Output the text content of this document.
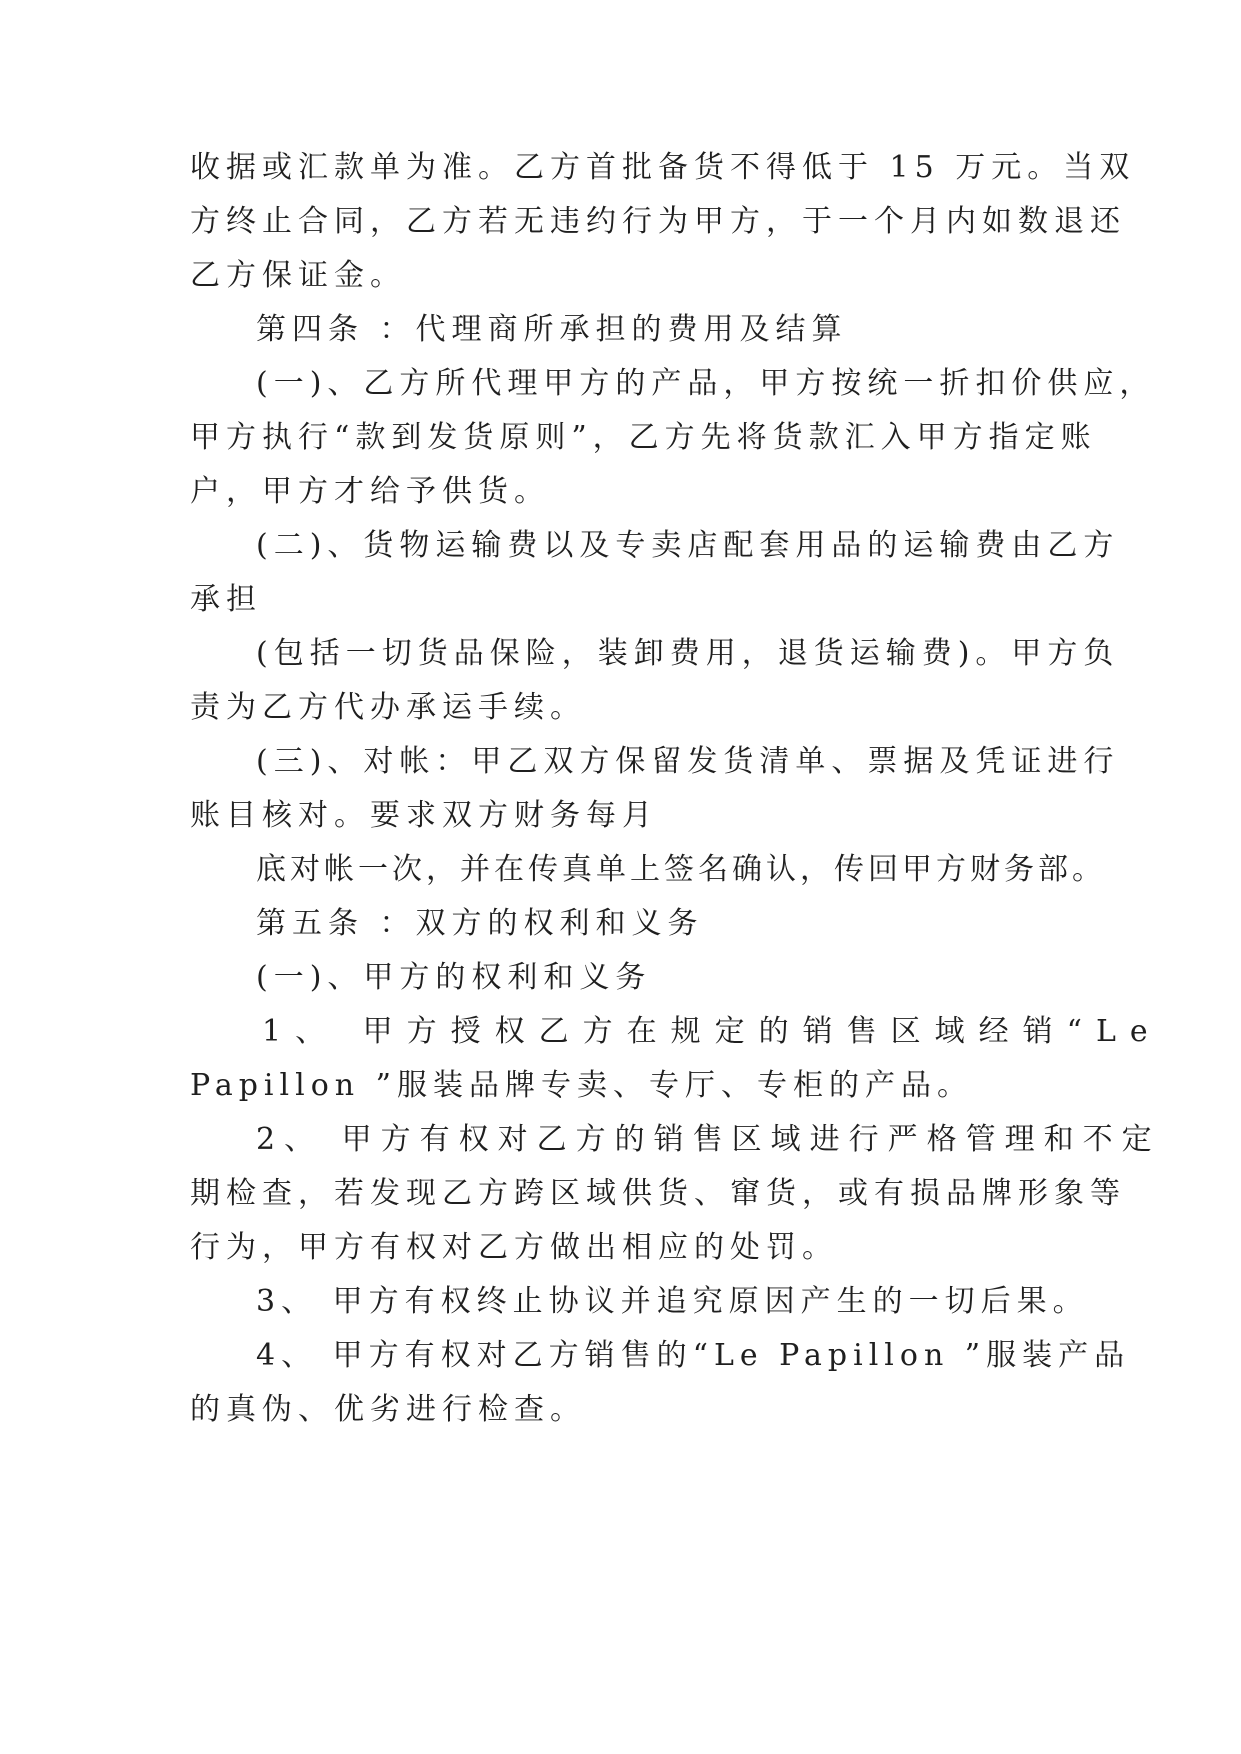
收据或汇款单为准。乙方首批备货不得低于 15 万元。当双
方终止合同，乙方若无违约行为甲方，于一个月内如数退还
乙方保证金。
第四条 ：代理商所承担的费用及结算
(一)、乙方所代理甲方的产品，甲方按统一折扣价供应，
甲方执行“款到发货原则”，乙方先将货款汇入甲方指定账
户，甲方才给予供货。
(二)、货物运输费以及专卖店配套用品的运输费由乙方
承担
(包括一切货品保险，装卸费用，退货运输费)。甲方负
责为乙方代办承运手续。
(三)、对帐：甲乙双方保留发货清单、票据及凭证进行
账目核对。要求双方财务每月
底对帐一次，并在传真单上签名确认，传回甲方财务部。
第五条 ：双方的权利和义务
(一)、甲方的权利和义务
1、 甲方授权乙方在规定的销售区域经销“Le
Papillon ”服装品牌专卖、专厅、专柜的产品。
2、 甲方有权对乙方的销售区域进行严格管理和不定
期检查，若发现乙方跨区域供货、窜货，或有损品牌形象等
行为，甲方有权对乙方做出相应的处罚。
3、 甲方有权终止协议并追究原因产生的一切后果。
4、 甲方有权对乙方销售的“Le Papillon ”服装产品
的真伪、优劣进行检查。
